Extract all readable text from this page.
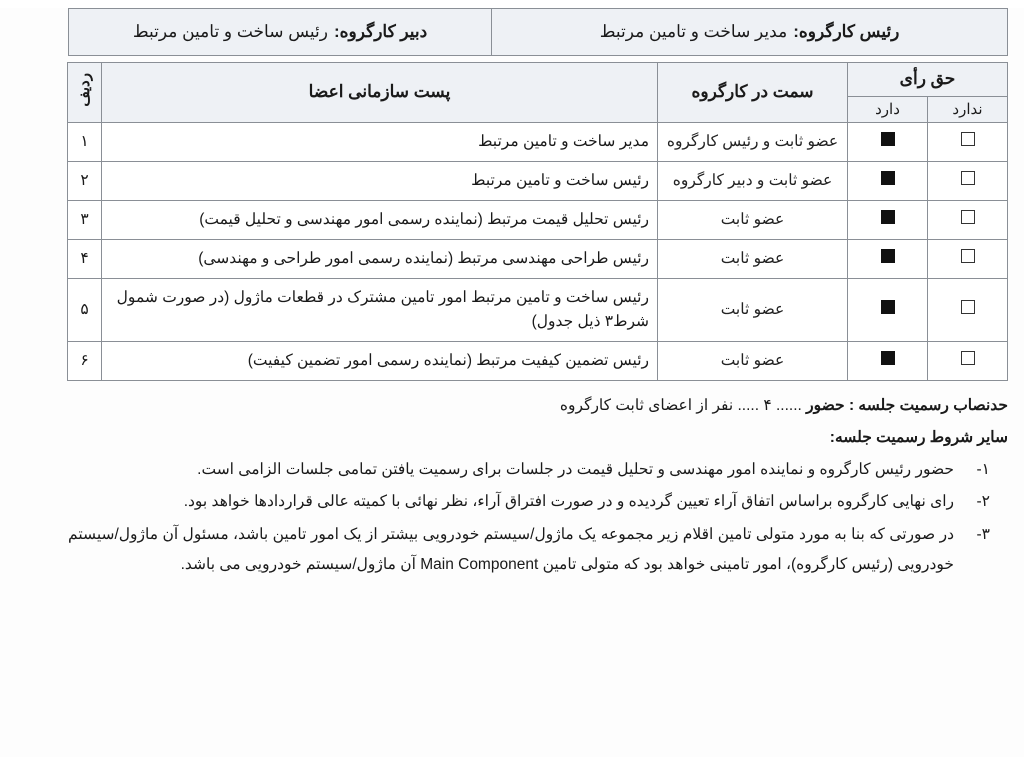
رئیس کارگروه:
مدیر ساخت و تامین مرتبط
دبیر کارگروه:
رئیس ساخت و تامین مرتبط
حق رأی		سمت در کارگروه	پست سازمانی اعضا	ردیف
ندارد	دارد			
		عضو ثابت و رئیس کارگروه	مدیر ساخت و تامین مرتبط	۱
		عضو ثابت و دبیر کارگروه	رئیس ساخت و تامین مرتبط	۲
		عضو ثابت	رئیس تحلیل قیمت مرتبط (نماینده رسمی امور مهندسی و تحلیل قیمت)	۳
		عضو ثابت	رئیس طراحی مهندسی مرتبط (نماینده رسمی امور طراحی و مهندسی)	۴
		عضو ثابت	رئیس ساخت و تامین مرتبط امور تامین مشترک در قطعات ماژول (در صورت شمول شرط۳ ذیل جدول)	۵
		عضو ثابت	رئیس تضمین کیفیت مرتبط (نماینده رسمی امور تضمین کیفیت)	۶
حدنصاب رسمیت جلسه : حضور ...... ۴ ..... نفر از اعضای ثابت کارگروه
سایر شروط رسمیت جلسه:
۱-
حضور رئیس کارگروه و نماینده امور مهندسی و تحلیل قیمت در جلسات برای رسمیت یافتن تمامی جلسات الزامی است.
۲-
رای نهایی کارگروه براساس اتفاق آراء تعیین گردیده و در صورت افتراق آراء، نظر نهائی با کمیته عالی قراردادها خواهد بود.
۳-
در صورتی که بنا به مورد متولی تامین اقلام زیر مجموعه یک ماژول/سیستم خودرویی بیشتر از یک امور تامین باشد، مسئول آن ماژول/سیستم خودرویی (رئیس کارگروه)، امور تامینی خواهد بود که متولی تامین Main Component آن ماژول/سیستم خودرویی می باشد.
